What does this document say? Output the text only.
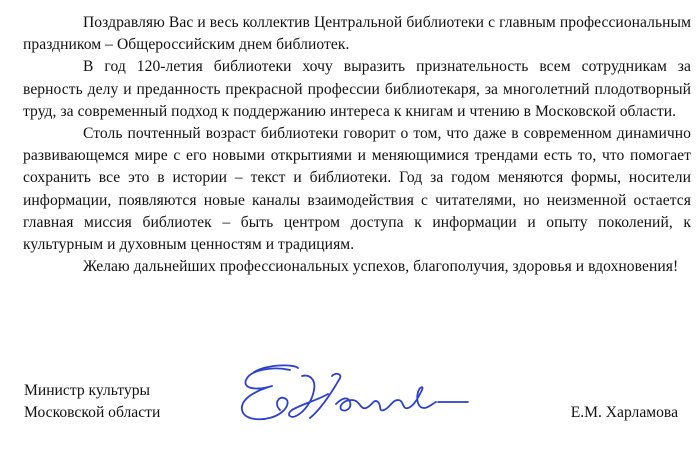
Поздравляю Вас и весь коллектив Центральной библиотеки с главным профессиональным праздником – Общероссийским днем библиотек.

В год 120-летия библиотеки хочу выразить признательность всем сотрудникам за верность делу и преданность прекрасной профессии библиотекаря, за многолетний плодотворный труд, за современный подход к поддержанию интереса к книгам и чтению в Московской области.

Столь почтенный возраст библиотеки говорит о том, что даже в современном динамично развивающемся мире с его новыми открытиями и меняющимися трендами есть то, что помогает сохранить все это в истории – текст и библиотеки. Год за годом меняются формы, носители информации, появляются новые каналы взаимодействия с читателями, но неизменной остается главная миссия библиотек – быть центром доступа к информации и опыту поколений, к культурным и духовным ценностям и традициям.

Желаю дальнейших профессиональных успехов, благополучия, здоровья и вдохновения!

Министр культуры
Московской области	Е.М. Харламова
